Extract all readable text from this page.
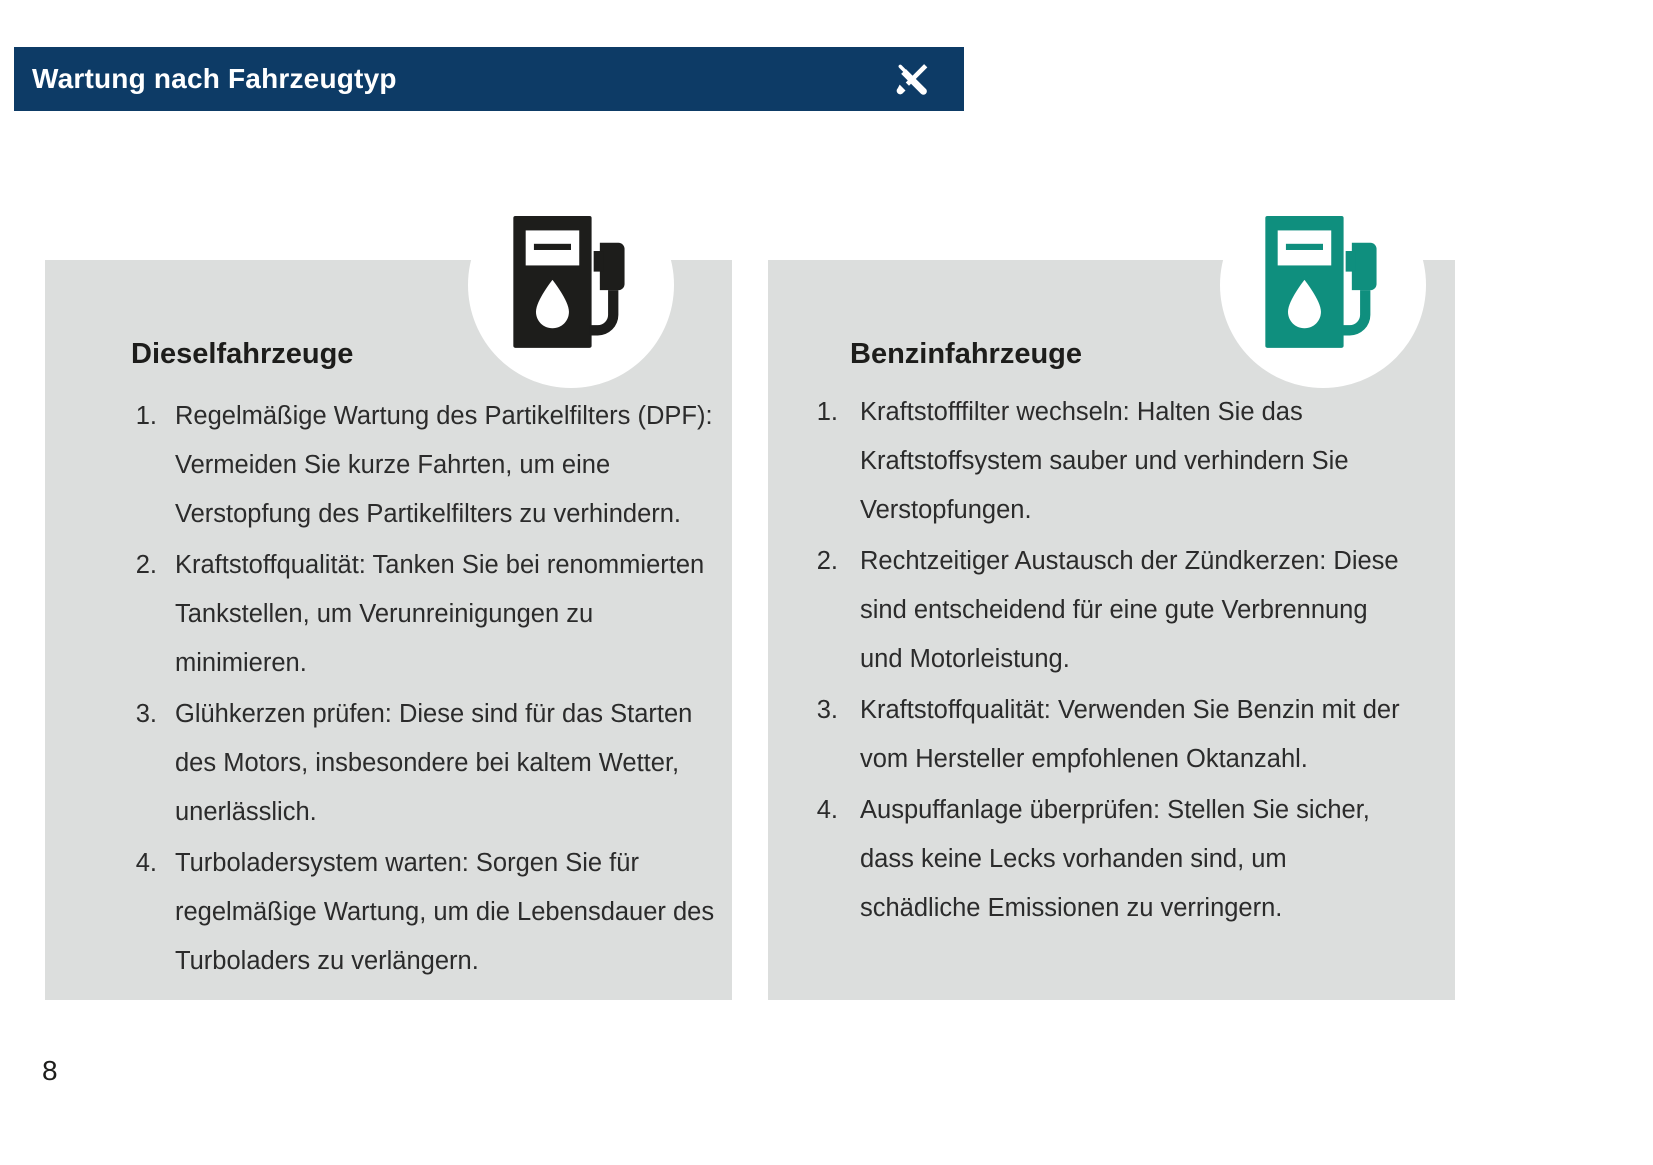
Wartung nach Fahrzeugtyp
Dieselfahrzeuge
Regelmäßige Wartung des Partikelfilters (DPF): Vermeiden Sie kurze Fahrten, um eine Verstopfung des Partikelfilters zu verhindern.
Kraftstoffqualität: Tanken Sie bei renommierten Tankstellen, um Verunreinigungen zu minimieren.
Glühkerzen prüfen: Diese sind für das Starten des Motors, insbesondere bei kaltem Wetter, unerlässlich.
Turboladersystem warten: Sorgen Sie für regelmäßige Wartung, um die Lebensdauer des Turboladers zu verlängern.
Benzinfahrzeuge
Kraftstofffilter wechseln: Halten Sie das Kraftstoffsystem sauber und verhindern Sie Verstopfungen.
Rechtzeitiger Austausch der Zündkerzen: Diese sind entscheidend für eine gute Verbrennung und Motorleistung.
Kraftstoffqualität: Verwenden Sie Benzin mit der vom Hersteller empfohlenen Oktanzahl.
Auspuffanlage überprüfen: Stellen Sie sicher, dass keine Lecks vorhanden sind, um schädliche Emissionen zu verringern.
8
